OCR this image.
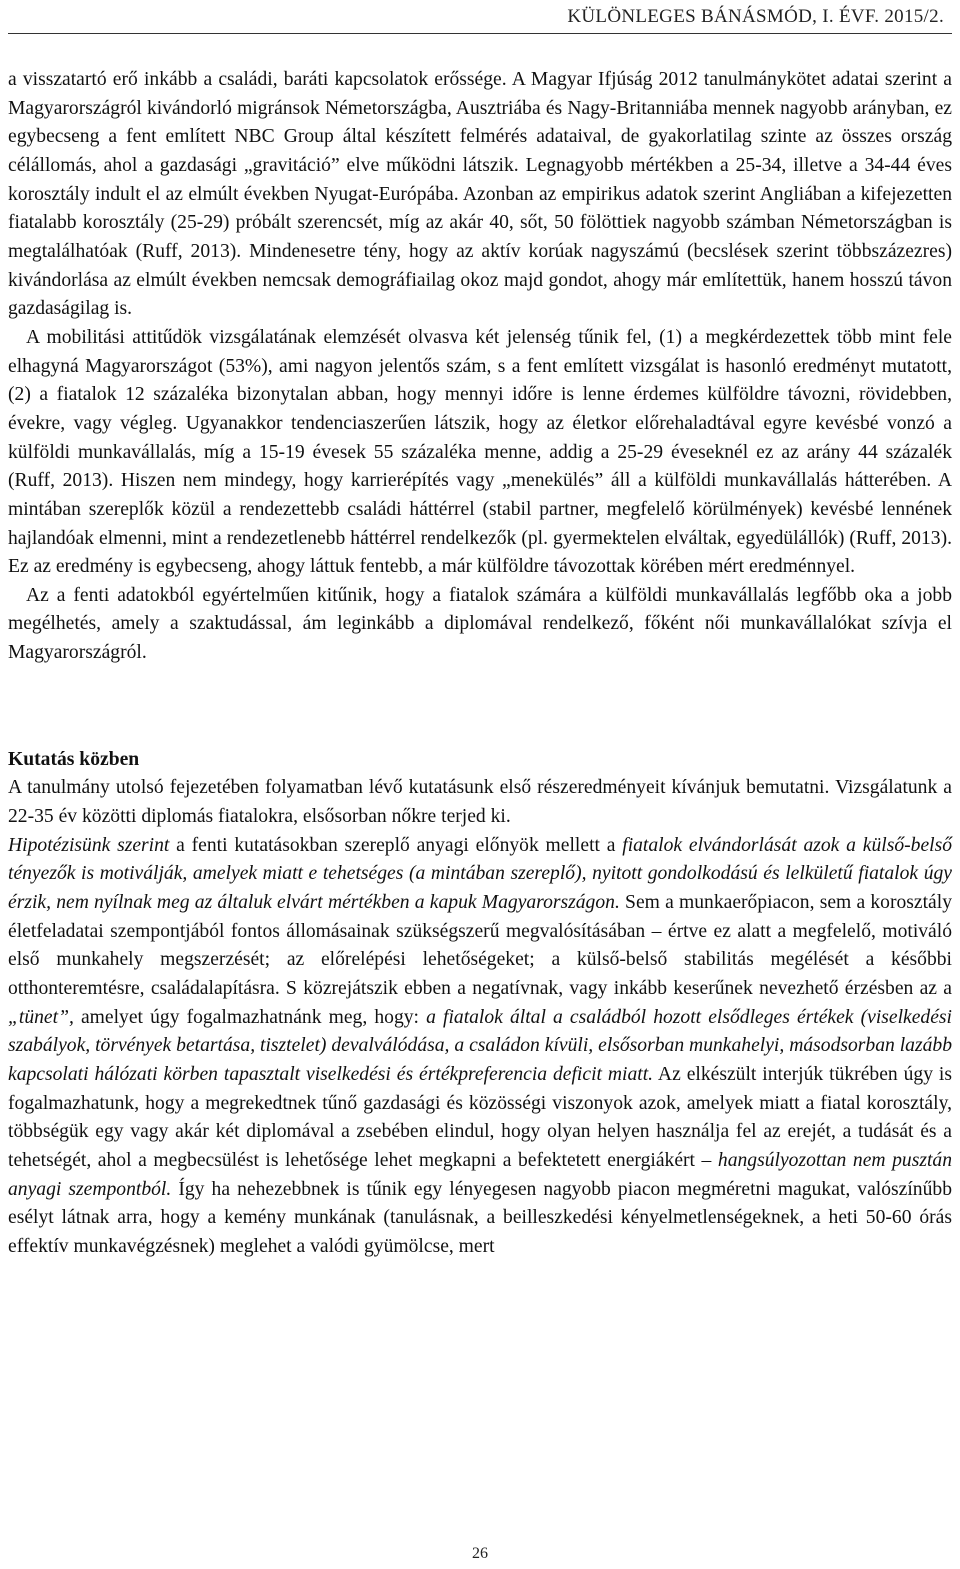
KÜLÖNLEGES BÁNÁSMÓD, I. ÉVF. 2015/2.

a visszatartó erő inkább a családi, baráti kapcsolatok erőssége. A Magyar Ifjúság 2012 tanulmánykötet adatai szerint a Magyarországról kivándorló migránsok Németországba, Ausztriába és Nagy-Britanniába mennek nagyobb arányban, ez egybecseng a fent említett NBC Group által készített felmérés adataival, de gyakorlatilag szinte az összes ország célállomás, ahol a gazdasági „gravitáció” elve működni látszik. Legnagyobb mértékben a 25-34, illetve a 34-44 éves korosztály indult el az elmúlt években Nyugat-Európába. Azonban az empirikus adatok szerint Angliában a kifejezetten fiatalabb korosztály (25-29) próbált szerencsét, míg az akár 40, sőt, 50 fölöttiek nagyobb számban Németországban is megtalálhatóak (Ruff, 2013). Mindenesetre tény, hogy az aktív korúak nagyszámú (becslések szerint többszázezres) kivándorlása az elmúlt években nemcsak demográfiailag okoz majd gondot, ahogy már említettük, hanem hosszú távon gazdaságilag is.

A mobilitási attitűdök vizsgálatának elemzését olvasva két jelenség tűnik fel, (1) a megkérdezettek több mint fele elhagyná Magyarországot (53%), ami nagyon jelentős szám, s a fent említett vizsgálat is hasonló eredményt mutatott, (2) a fiatalok 12 százaléka bizonytalan abban, hogy mennyi időre is lenne érdemes külföldre távozni, rövidebben, évekre, vagy végleg. Ugyanakkor tendenciaszerűen látszik, hogy az életkor előrehaladtával egyre kevésbé vonzó a külföldi munkavállalás, míg a 15-19 évesek 55 százaléka menne, addig a 25-29 éveseknél ez az arány 44 százalék (Ruff, 2013). Hiszen nem mindegy, hogy karrierépítés vagy „menekülés” áll a külföldi munkavállalás hátterében. A mintában szereplők közül a rendezettebb családi háttérrel (stabil partner, megfelelő körülmények) kevésbé lennének hajlandóak elmenni, mint a rendezetlenebb háttérrel rendelkezők (pl. gyermektelen elváltak, egyedülállók) (Ruff, 2013). Ez az eredmény is egybecseng, ahogy láttuk fentebb, a már külföldre távozottak körében mért eredménnyel.

Az a fenti adatokból egyértelműen kitűnik, hogy a fiatalok számára a külföldi munkavállalás legfőbb oka a jobb megélhetés, amely a szaktudással, ám leginkább a diplomával rendelkező, főként női munkavállalókat szívja el Magyarországról.

Kutatás közben

A tanulmány utolsó fejezetében folyamatban lévő kutatásunk első részeredményeit kívánjuk bemutatni. Vizsgálatunk a 22-35 év közötti diplomás fiatalokra, elsősorban nőkre terjed ki.

Hipotézisünk szerint a fenti kutatásokban szereplő anyagi előnyök mellett a fiatalok elvándorlását azok a külső-belső tényezők is motiválják, amelyek miatt e tehetséges (a mintában szereplő), nyitott gondolkodású és lelkületű fiatalok úgy érzik, nem nyílnak meg az általuk elvárt mértékben a kapuk Magyarországon. Sem a munkaerőpiacon, sem a korosztály életfeladatai szempontjából fontos állomásainak szükségszerű megvalósításában – értve ez alatt a megfelelő, motiváló első munkahely megszerzését; az előrelépési lehetőségeket; a külső-belső stabilitás megélését a későbbi otthonteremtésre, családalapításra. S közrejátszik ebben a negatívnak, vagy inkább keserűnek nevezhető érzésben az a „tünet”, amelyet úgy fogalmazhatnánk meg, hogy: a fiatalok által a családból hozott elsődleges értékek (viselkedési szabályok, törvények betartása, tisztelet) devalválódása, a családon kívüli, elsősorban munkahelyi, másodsorban lazább kapcsolati hálózati körben tapasztalt viselkedési és értékpreferencia deficit miatt. Az elkészült interjúk tükrében úgy is fogalmazhatunk, hogy a megrekedtnek tűnő gazdasági és közösségi viszonyok azok, amelyek miatt a fiatal korosztály, többségük egy vagy akár két diplomával a zsebében elindul, hogy olyan helyen használja fel az erejét, a tudását és a tehetségét, ahol a megbecsülést is lehetősége lehet megkapni a befektetett energiákért – hangsúlyozottan nem pusztán anyagi szempontból. Így ha nehezebbnek is tűnik egy lényegesen nagyobb piacon megméretni magukat, valószínűbb esélyt látnak arra, hogy a kemény munkának (tanulásnak, a beilleszkedési kényelmetlenségeknek, a heti 50-60 órás effektív munkavégzésnek) meglehet a valódi gyümölcse, mert

26
